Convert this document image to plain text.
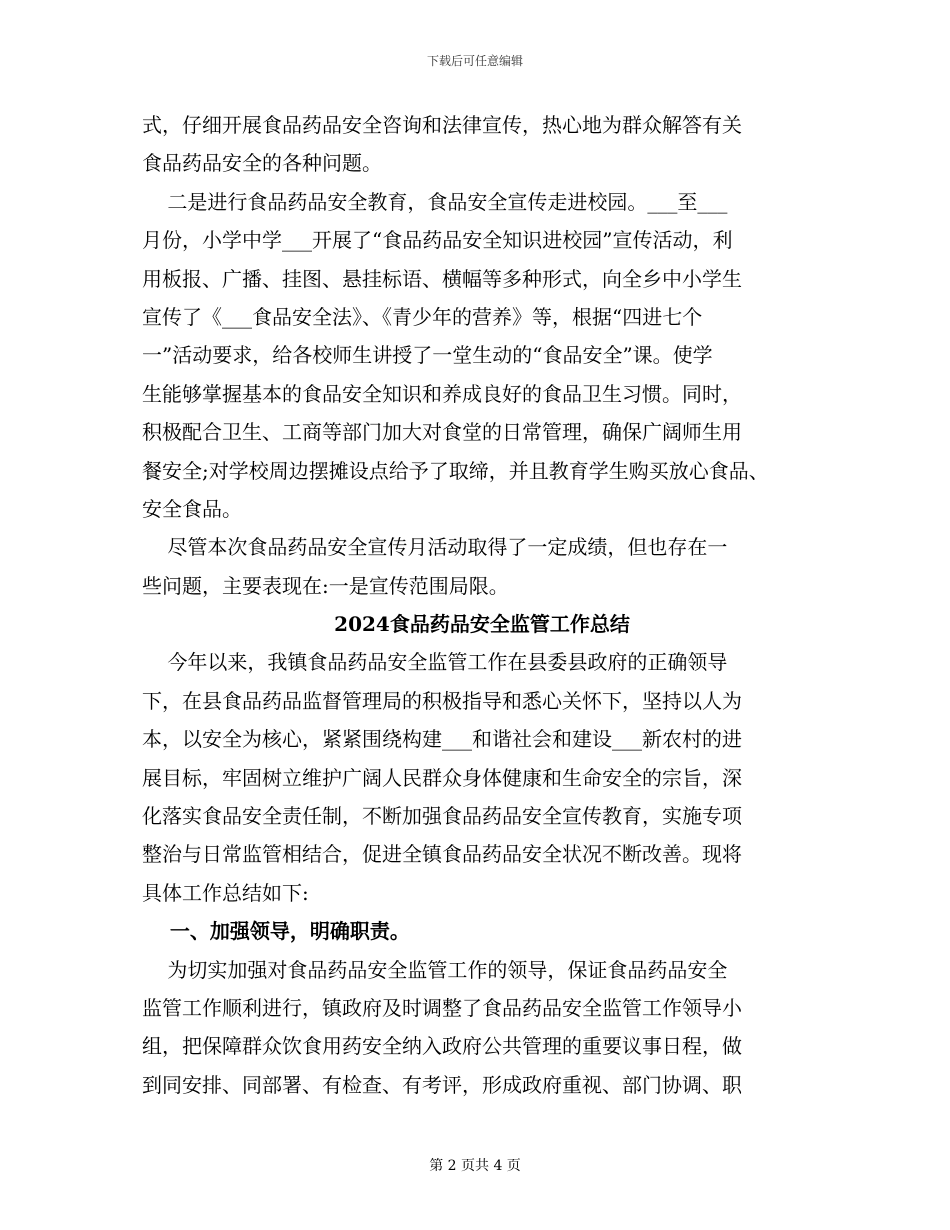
下载后可任意编辑
式，仔细开展食品药品安全咨询和法律宣传，热心地为群众解答有关
食品药品安全的各种问题。
二是进行食品药品安全教育，食品安全宣传走进校园。___至___
月份，小学中学___开展了“食品药品安全知识进校园”宣传活动，利
用板报、广播、挂图、悬挂标语、横幅等多种形式，向全乡中小学生
宣传了《___食品安全法》、《青少年的营养》等，根据“四进七个
一”活动要求，给各校师生讲授了一堂生动的“食品安全”课。使学
生能够掌握基本的食品安全知识和养成良好的食品卫生习惯。同时，
积极配合卫生、工商等部门加大对食堂的日常管理，确保广阔师生用
餐安全;对学校周边摆摊设点给予了取缔，并且教育学生购买放心食品、
安全食品。
尽管本次食品药品安全宣传月活动取得了一定成绩，但也存在一
些问题，主要表现在:一是宣传范围局限。
2024食品药品安全监管工作总结
今年以来，我镇食品药品安全监管工作在县委县政府的正确领导
下，在县食品药品监督管理局的积极指导和悉心关怀下，坚持以人为
本，以安全为核心，紧紧围绕构建___和谐社会和建设___新农村的进
展目标，牢固树立维护广阔人民群众身体健康和生命安全的宗旨，深
化落实食品安全责任制，不断加强食品药品安全宣传教育，实施专项
整治与日常监管相结合，促进全镇食品药品安全状况不断改善。现将
具体工作总结如下:
一、加强领导，明确职责。
为切实加强对食品药品安全监管工作的领导，保证食品药品安全
监管工作顺利进行，镇政府及时调整了食品药品安全监管工作领导小
组，把保障群众饮食用药安全纳入政府公共管理的重要议事日程，做
到同安排、同部署、有检查、有考评，形成政府重视、部门协调、职
第 2 页共 4 页
